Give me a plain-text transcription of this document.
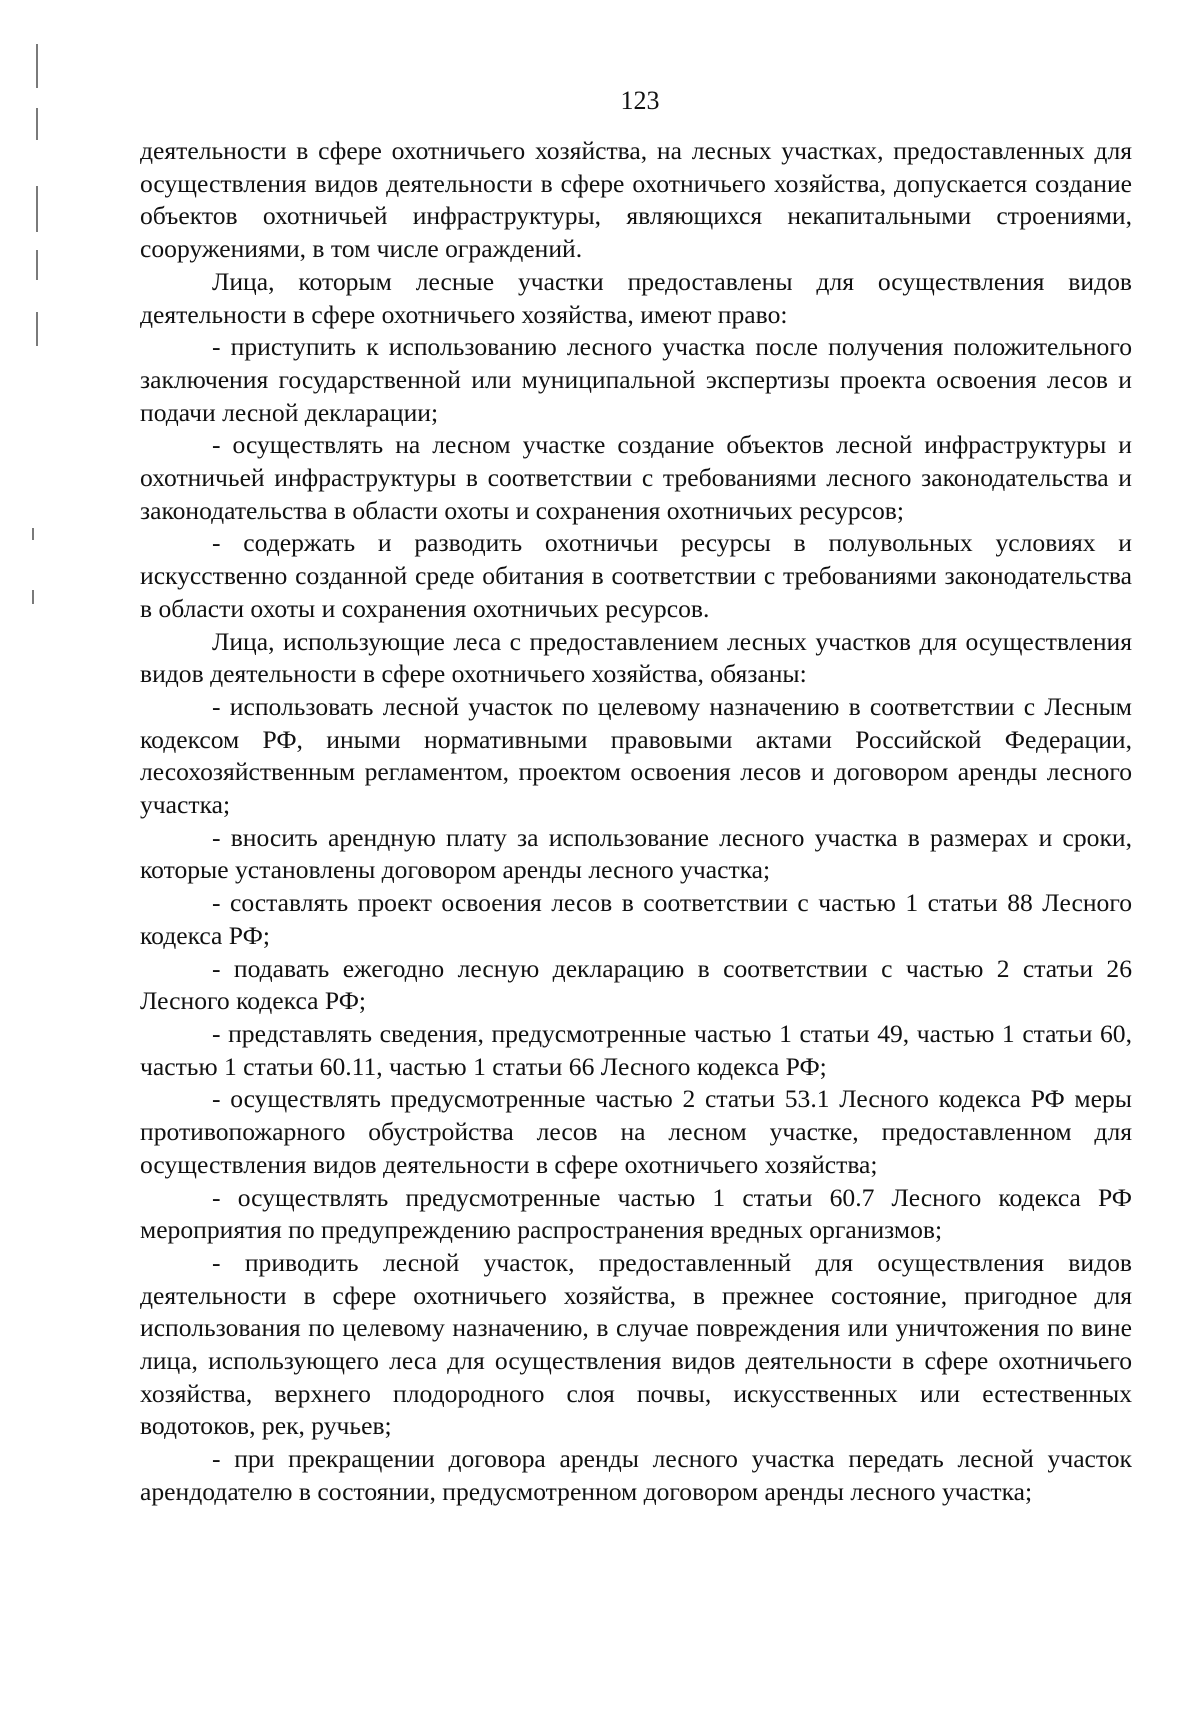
123

деятельности в сфере охотничьего хозяйства, на лесных участках, предоставленных для осуществления видов деятельности в сфере охотничьего хозяйства, допускается создание объектов охотничьей инфраструктуры, являющихся некапитальными строениями, сооружениями, в том числе ограждений.

Лица, которым лесные участки предоставлены для осуществления видов деятельности в сфере охотничьего хозяйства, имеют право:

- приступить к использованию лесного участка после получения положительного заключения государственной или муниципальной экспертизы проекта освоения лесов и подачи лесной декларации;

- осуществлять на лесном участке создание объектов лесной инфраструктуры и охотничьей инфраструктуры в соответствии с требованиями лесного законодательства и законодательства в области охоты и сохранения охотничьих ресурсов;

- содержать и разводить охотничьи ресурсы в полувольных условиях и искусственно созданной среде обитания в соответствии с требованиями законодательства в области охоты и сохранения охотничьих ресурсов.

Лица, использующие леса с предоставлением лесных участков для осуществления видов деятельности в сфере охотничьего хозяйства, обязаны:

- использовать лесной участок по целевому назначению в соответствии с Лесным кодексом РФ, иными нормативными правовыми актами Российской Федерации, лесохозяйственным регламентом, проектом освоения лесов и договором аренды лесного участка;

- вносить арендную плату за использование лесного участка в размерах и сроки, которые установлены договором аренды лесного участка;

- составлять проект освоения лесов в соответствии с частью 1 статьи 88 Лесного кодекса РФ;

- подавать ежегодно лесную декларацию в соответствии с частью 2 статьи 26 Лесного кодекса РФ;

- представлять сведения, предусмотренные частью 1 статьи 49, частью 1 статьи 60, частью 1 статьи 60.11, частью 1 статьи 66 Лесного кодекса РФ;

- осуществлять предусмотренные частью 2 статьи 53.1 Лесного кодекса РФ меры противопожарного обустройства лесов на лесном участке, предоставленном для осуществления видов деятельности в сфере охотничьего хозяйства;

- осуществлять предусмотренные частью 1 статьи 60.7 Лесного кодекса РФ мероприятия по предупреждению распространения вредных организмов;

- приводить лесной участок, предоставленный для осуществления видов деятельности в сфере охотничьего хозяйства, в прежнее состояние, пригодное для использования по целевому назначению, в случае повреждения или уничтожения по вине лица, использующего леса для осуществления видов деятельности в сфере охотничьего хозяйства, верхнего плодородного слоя почвы, искусственных или естественных водотоков, рек, ручьев;

- при прекращении договора аренды лесного участка передать лесной участок арендодателю в состоянии, предусмотренном договором аренды лесного участка;
